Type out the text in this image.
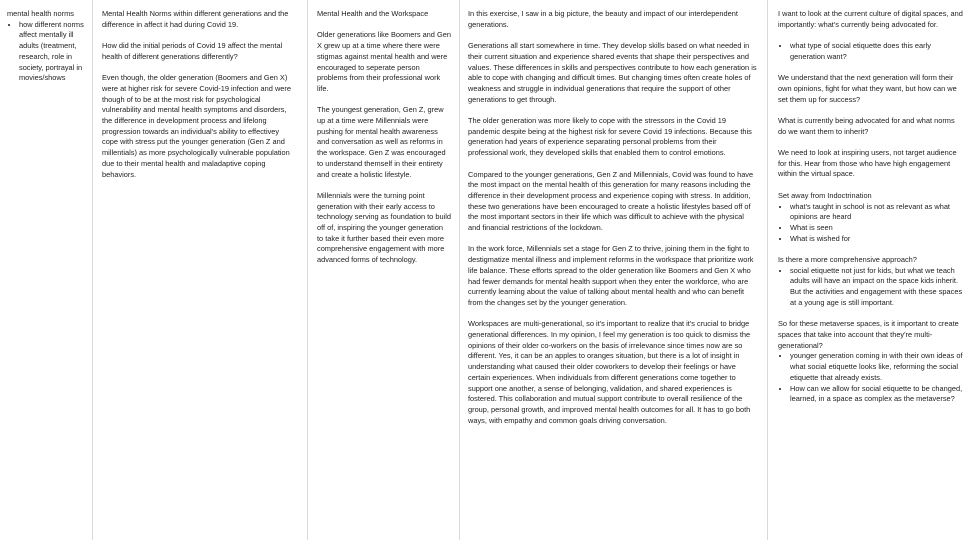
mental health norms
• how different norms affect mentally ill adults (treatment, research, role in society, portrayal in movies/shows

Mental Health Norms within different generations and the difference in affect it had during Covid 19.

How did the initial periods of Covid 19 affect the mental health of different generations differently?

Even though, the older generation (Boomers and Gen X) were at higher risk for severe Covid-19 infection and were though of to be at the most risk for psychological vulnerability and mental health symptoms and disorders, the difference in development process and lifelong progression towards an individual's ability to effectivey cope with stress put the younger generation (Gen Z and millentials) as more psychologically vulnerable population due to their mental health and maladaptive coping behaviors.

Mental Health and the Workspace

Older generations like Boomers and Gen X grew up at a time where there were stigmas against mental health and were encouraged to seperate person problems from their professional work life.

The youngest generation, Gen Z, grew up at a time were Millennials were pushing for mental health awareness and conversation as well as reforms in the workspace. Gen Z was encouraged to understand themself in their entirety and create a holistic lifestyle.

Millennials were the turning point generation with their early access to technology serving as foundation to build off of, inspiring the younger generation to take it further based their even more comprehensive engagement with more advanced forms of technology.

In this exercise, I saw in a big picture, the beauty and impact of our interdependent generations.

Generations all start somewhere in time. They develop skills based on what needed in their current situation and experience shared events that shape their perspectives and values. These differences in skills and perspectives contribute to how each generation is able to cope with changing and difficult times. But changing times often create holes of weakness and struggle in individual generations that require the support of other generations to get through.

The older generation was more likely to cope with the stressors in the Covid 19 pandemic despite being at the highest risk for severe Covid 19 infections. Because this generation had years of experience separating personal problems from their professional work, they developed skills that enabled them to control emotions.

Compared to the younger generations, Gen Z and Millennials, Covid was found to have the most impact on the mental health of this generation for many reasons including the difference in their development process and experience coping with stress. In addition, these two generations have been encouraged to create a holistic lifestyles based off of the most important sectors in their life which was difficult to achieve with the physical and financial restrictions of the lockdown.

In the work force, Millennials set a stage for Gen Z to thrive, joining them in the fight to destigmatize mental illness and implement reforms in the workspace that prioritize work life balance. These efforts spread to the older generation like Boomers and Gen X who had fewer demands for mental health support when they enter the workforce, who are currently learning about the value of talking about mental health and who can benefit from the changes set by the younger generation.

Workspaces are multi-generational, so it's important to realize that it's crucial to bridge generational differences. In my opinion, I feel my generation is too quick to dismiss the opinions of their older co-workers on the basis of irrelevance since times now are so different. Yes, it can be an apples to oranges situation, but there is a lot of insight in understanding what caused their older coworkers to develop their feelings or have certain experiences. When individuals from different generations come together to support one another, a sense of belonging, validation, and shared experiences is fostered. This collaboration and mutual support contribute to overall resilience of the group, personal growth, and improved mental health outcomes for all. It has to go both ways, with empathy and common goals driving conversation.

I want to look at the current culture of digital spaces, and importantly: what's currently being advocated for.

• what type of social etiquette does this early generation want?

We understand that the next generation will form their own opinions, fight for what they want, but how can we set them up for success?

What is currently being advocated for and what norms do we want them to inherit?

We need to look at inspiring users, not target audience for this. Hear from those who have high engagement within the virtual space.

Set away from Indoctrination
• what's taught in school is not as relevant as what opinions are heard
• What is seen
• What is wished for
Is there a more comprehensive approach?
• social etiquette not just for kids, but what we teach adults will have an impact on the space kids inherit. But the activities and engagement with these spaces at a young age is still important.
So for these metaverse spaces, is it important to create spaces that take into account that they're multi-generational?
• younger generation coming in with their own ideas of what social etiquette looks like, reforming the social etiquette that already exists.
• How can we allow for social etiquette to be changed, learned, in a space as complex as the metaverse?
